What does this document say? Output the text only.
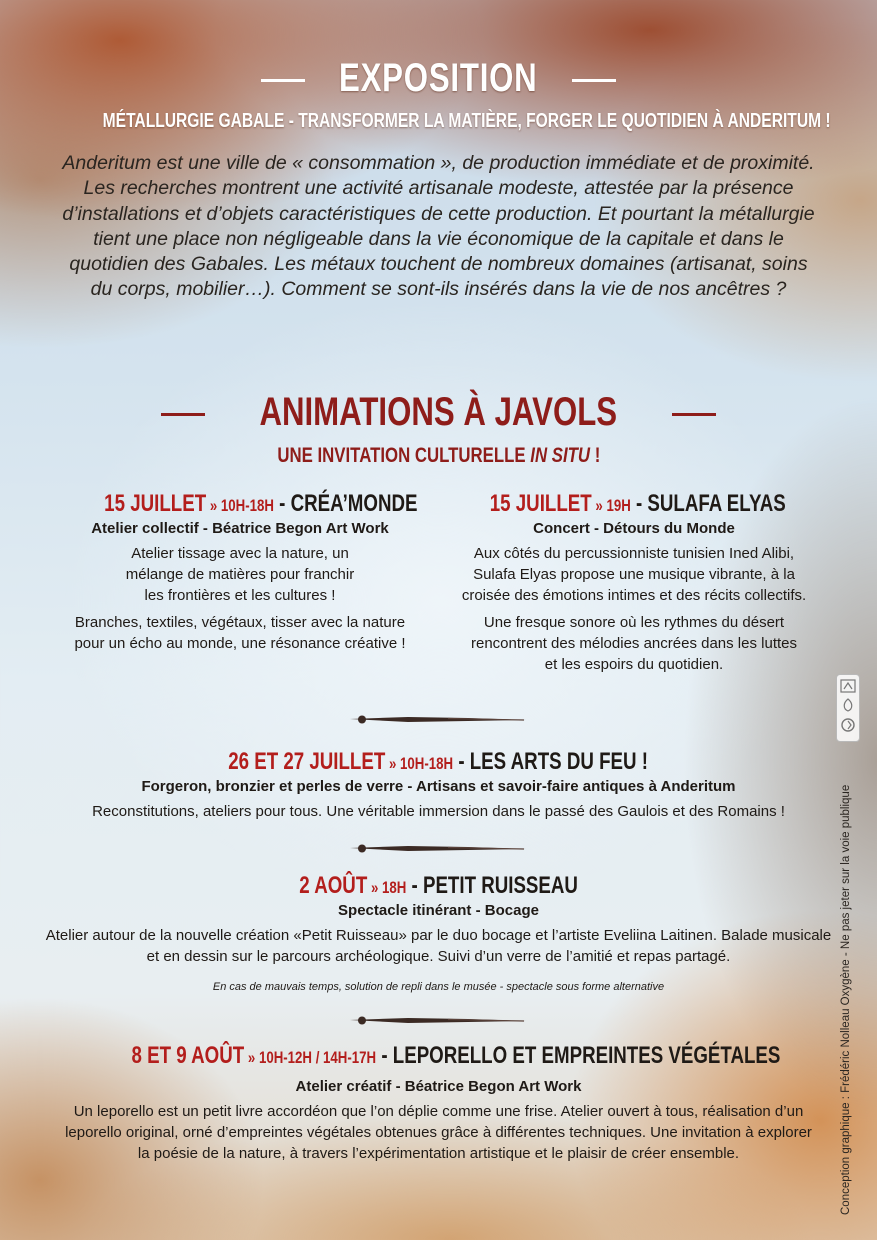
EXPOSITION
MÉTALLURGIE GABALE - TRANSFORMER LA MATIÈRE, FORGER LE QUOTIDIEN À ANDERITUM !
Anderitum est une ville de « consommation », de production immédiate et de proximité. Les recherches montrent une activité artisanale modeste, attestée par la présence d’installations et d’objets caractéristiques de cette production. Et pourtant la métallurgie tient une place non négligeable dans la vie économique de la capitale et dans le quotidien des Gabales. Les métaux touchent de nombreux domaines (artisanat, soins du corps, mobilier…). Comment se sont-ils insérés dans la vie de nos ancêtres ?
ANIMATIONS À JAVOLS
UNE INVITATION CULTURELLE IN SITU !
15 JUILLET » 10H-18H - CRÉA’MONDE
Atelier collectif - Béatrice Begon Art Work

Atelier tissage avec la nature, un mélange de matières pour franchir les frontières et les cultures !

Branches, textiles, végétaux, tisser avec la nature pour un écho au monde, une résonance créative !

15 JUILLET » 19H - SULAFA ELYAS
Concert - Détours du Monde

Aux côtés du percussionniste tunisien Ined Alibi, Sulafa Elyas propose une musique vibrante, à la croisée des émotions intimes et des récits collectifs.

Une fresque sonore où les rythmes du désert rencontrent des mélodies ancrées dans les luttes et les espoirs du quotidien.

26 ET 27 JUILLET » 10H-18H - LES ARTS DU FEU !
Forgeron, bronzier et perles de verre - Artisans et savoir-faire antiques à Anderitum

Reconstitutions, ateliers pour tous. Une véritable immersion dans le passé des Gaulois et des Romains !

2 AOÛT » 18H - PETIT RUISSEAU
Spectacle itinérant - Bocage

Atelier autour de la nouvelle création «Petit Ruisseau» par le duo bocage et l’artiste Eveliina Laitinen. Balade musicale et en dessin sur le parcours archéologique. Suivi d’un verre de l’amitié et repas partagé.

En cas de mauvais temps, solution de repli dans le musée - spectacle sous forme alternative

8 ET 9 AOÛT » 10H-12H / 14H-17H - LEPORELLO ET EMPREINTES VÉGÉTALES
Atelier créatif - Béatrice Begon Art Work

Un leporello est un petit livre accordéon que l’on déplie comme une frise. Atelier ouvert à tous, réalisation d’un leporello original, orné d’empreintes végétales obtenues grâce à différentes techniques. Une invitation à explorer la poésie de la nature, à travers l’expérimentation artistique et le plaisir de créer ensemble.	Conception graphique : Frédéric Nolleau Oxygène - Ne pas jeter sur la voie publique
